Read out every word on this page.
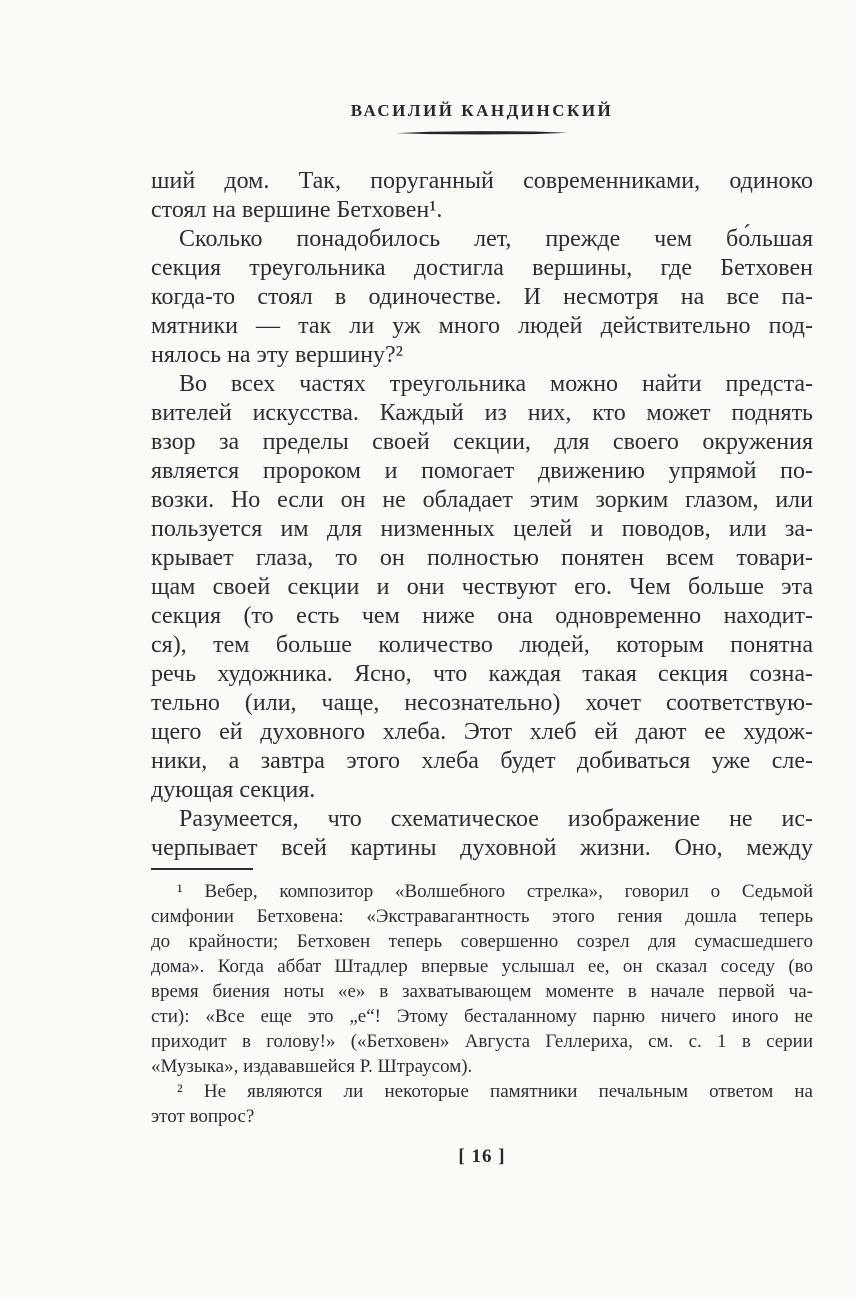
ВАСИЛИЙ КАНДИНСКИЙ
ший дом. Так, поруганный современниками, одиноко
стоял на вершине Бетховен¹.
Сколько понадобилось лет, прежде чем бо́льшая
секция треугольника достигла вершины, где Бетховен
когда-то стоял в одиночестве. И несмотря на все па-
мятники — так ли уж много людей действительно под-
нялось на эту вершину?²
Во всех частях треугольника можно найти предста-
вителей искусства. Каждый из них, кто может поднять
взор за пределы своей секции, для своего окружения
является пророком и помогает движению упрямой по-
возки. Но если он не обладает этим зорким глазом, или
пользуется им для низменных целей и поводов, или за-
крывает глаза, то он полностью понятен всем товари-
щам своей секции и они чествуют его. Чем больше эта
секция (то есть чем ниже она одновременно находит-
ся), тем больше количество людей, которым понятна
речь художника. Ясно, что каждая такая секция созна-
тельно (или, чаще, несознательно) хочет соответствую-
щего ей духовного хлеба. Этот хлеб ей дают ее худож-
ники, а завтра этого хлеба будет добиваться уже сле-
дующая секция.
Разумеется, что схематическое изображение не ис-
черпывает всей картины духовной жизни. Оно, между
¹ Вебер, композитор «Волшебного стрелка», говорил о Седьмой
симфонии Бетховена: «Экстравагантность этого гения дошла теперь
до крайности; Бетховен теперь совершенно созрел для сумасшедшего
дома». Когда аббат Штадлер впервые услышал ее, он сказал соседу (во
время биения ноты «е» в захватывающем моменте в начале первой ча-
сти): «Все еще это „е“! Этому бесталанному парню ничего иного не
приходит в голову!» («Бетховен» Августа Геллериха, см. с. 1 в серии
«Музыка», издававшейся Р. Штраусом).
² Не являются ли некоторые памятники печальным ответом на
этот вопрос?
[ 16 ]
